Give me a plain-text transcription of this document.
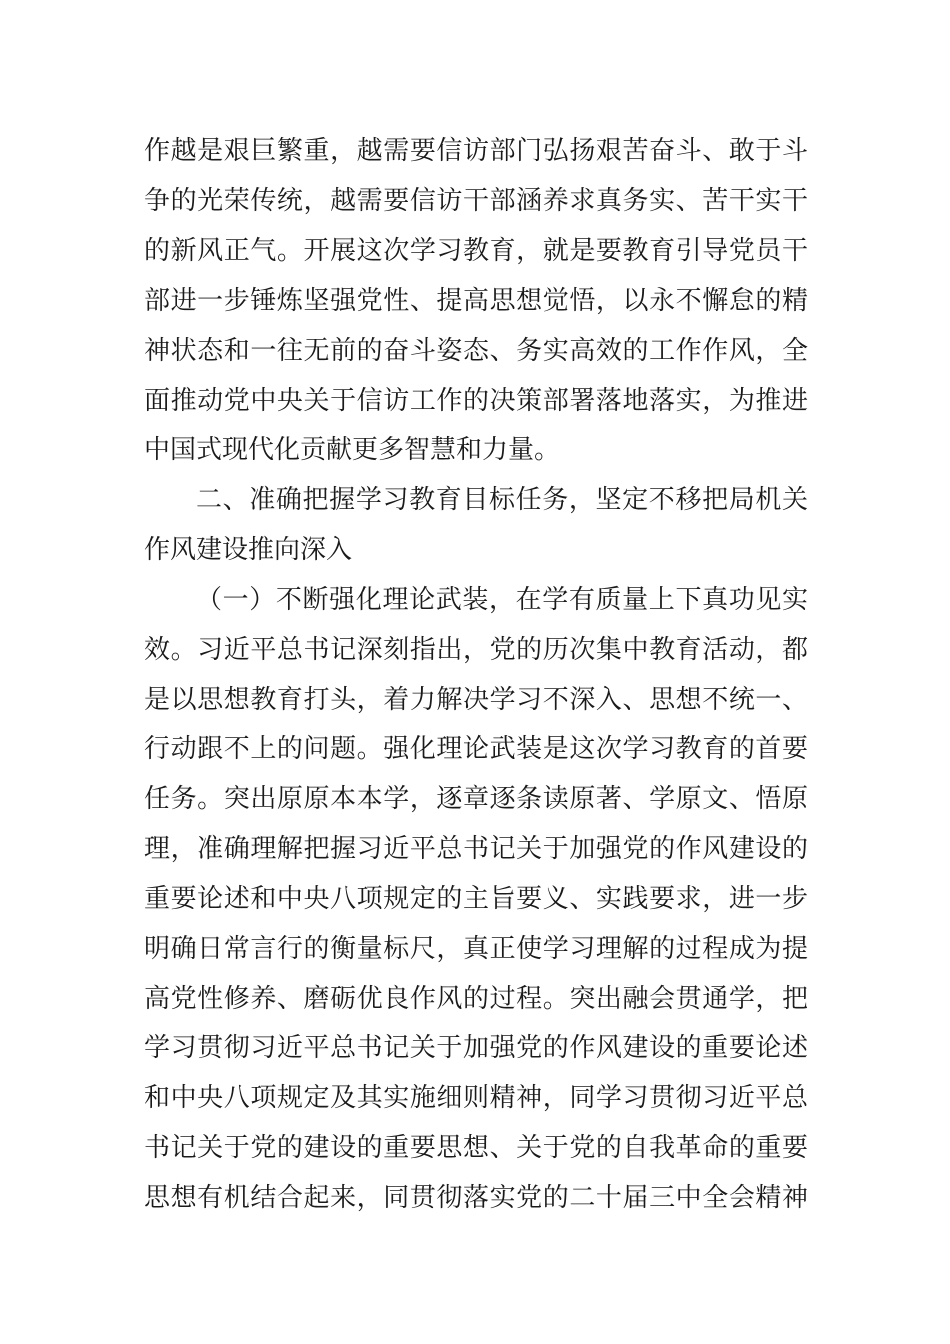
作越是艰巨繁重，越需要信访部门弘扬艰苦奋斗、敢于斗
争的光荣传统，越需要信访干部涵养求真务实、苦干实干
的新风正气。开展这次学习教育，就是要教育引导党员干
部进一步锤炼坚强党性、提高思想觉悟，以永不懈怠的精
神状态和一往无前的奋斗姿态、务实高效的工作作风，全
面推动党中央关于信访工作的决策部署落地落实，为推进
中国式现代化贡献更多智慧和力量。
二、准确把握学习教育目标任务，坚定不移把局机关
作风建设推向深入
（一）不断强化理论武装，在学有质量上下真功见实
效。习近平总书记深刻指出，党的历次集中教育活动，都
是以思想教育打头，着力解决学习不深入、思想不统一、
行动跟不上的问题。强化理论武装是这次学习教育的首要
任务。突出原原本本学，逐章逐条读原著、学原文、悟原
理，准确理解把握习近平总书记关于加强党的作风建设的
重要论述和中央八项规定的主旨要义、实践要求，进一步
明确日常言行的衡量标尺，真正使学习理解的过程成为提
高党性修养、磨砺优良作风的过程。突出融会贯通学，把
学习贯彻习近平总书记关于加强党的作风建设的重要论述
和中央八项规定及其实施细则精神，同学习贯彻习近平总
书记关于党的建设的重要思想、关于党的自我革命的重要
思想有机结合起来，同贯彻落实党的二十届三中全会精神
